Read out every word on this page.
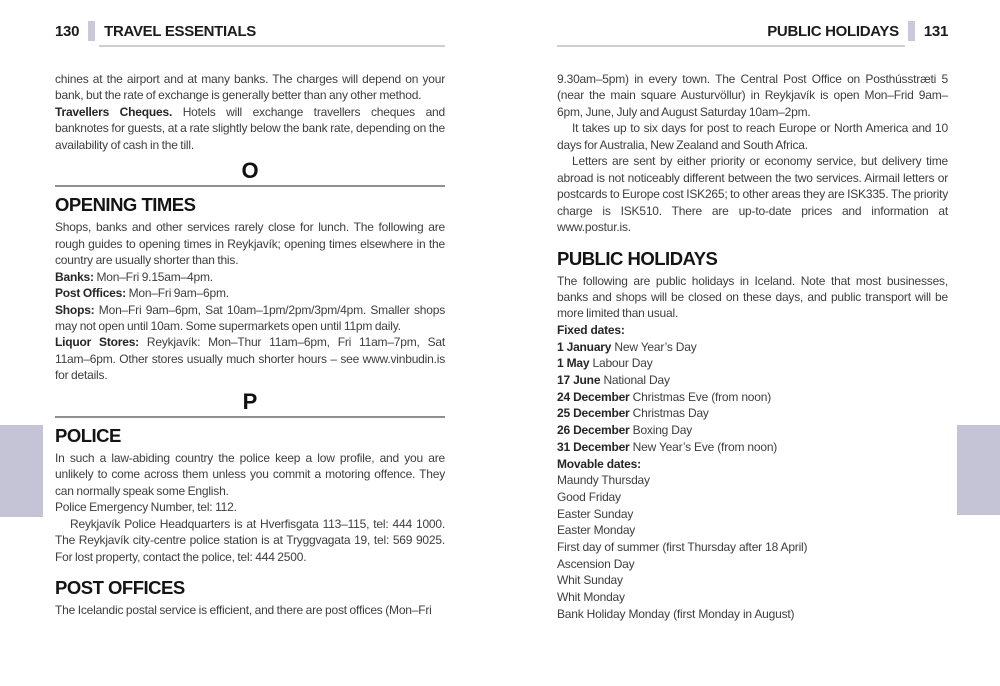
130 TRAVEL ESSENTIALS

chines at the airport and at many banks. The charges will depend on your bank, but the rate of exchange is generally better than any other method.

Travellers Cheques. Hotels will exchange travellers cheques and banknotes for guests, at a rate slightly below the bank rate, depending on the availability of cash in the till.

O
OPENING TIMES

Shops, banks and other services rarely close for lunch. The following are rough guides to opening times in Reykjavík; opening times elsewhere in the country are usually shorter than this.

Banks: Mon–Fri 9.15am–4pm.

Post Offices: Mon–Fri 9am–6pm.

Shops: Mon–Fri 9am–6pm, Sat 10am–1pm/2pm/3pm/4pm. Smaller shops may not open until 10am. Some supermarkets open until 11pm daily.

Liquor Stores: Reykjavík: Mon–Thur 11am–6pm, Fri 11am–7pm, Sat 11am–6pm. Other stores usually much shorter hours – see www.vinbudin.is for details.

P
POLICE

In such a law-abiding country the police keep a low profile, and you are unlikely to come across them unless you commit a motoring offence. They can normally speak some English.

Police Emergency Number, tel: 112.

Reykjavík Police Headquarters is at Hverfisgata 113–115, tel: 444 1000. The Reykjavík city-centre police station is at Tryggvagata 19, tel: 569 9025. For lost property, contact the police, tel: 444 2500.

POST OFFICES

The Icelandic postal service is efficient, and there are post offices (Mon–Fri

PUBLIC HOLIDAYS 131

9.30am–5pm) in every town. The Central Post Office on Posthússtræti 5 (near the main square Austurvöllur) in Reykjavík is open Mon–Frid 9am–6pm, June, July and August Saturday 10am–2pm.

It takes up to six days for post to reach Europe or North America and 10 days for Australia, New Zealand and South Africa.

Letters are sent by either priority or economy service, but delivery time abroad is not noticeably different between the two services. Airmail letters or postcards to Europe cost ISK265; to other areas they are ISK335. The priority charge is ISK510. There are up-to-date prices and information at www.postur.is.

PUBLIC HOLIDAYS

The following are public holidays in Iceland. Note that most businesses, banks and shops will be closed on these days, and public transport will be more limited than usual.

Fixed dates:
1 January New Year’s Day
1 May Labour Day
17 June National Day
24 December Christmas Eve (from noon)
25 December Christmas Day
26 December Boxing Day
31 December New Year’s Eve (from noon)
Movable dates:
Maundy Thursday
Good Friday
Easter Sunday
Easter Monday
First day of summer (first Thursday after 18 April)
Ascension Day
Whit Sunday
Whit Monday
Bank Holiday Monday (first Monday in August)
